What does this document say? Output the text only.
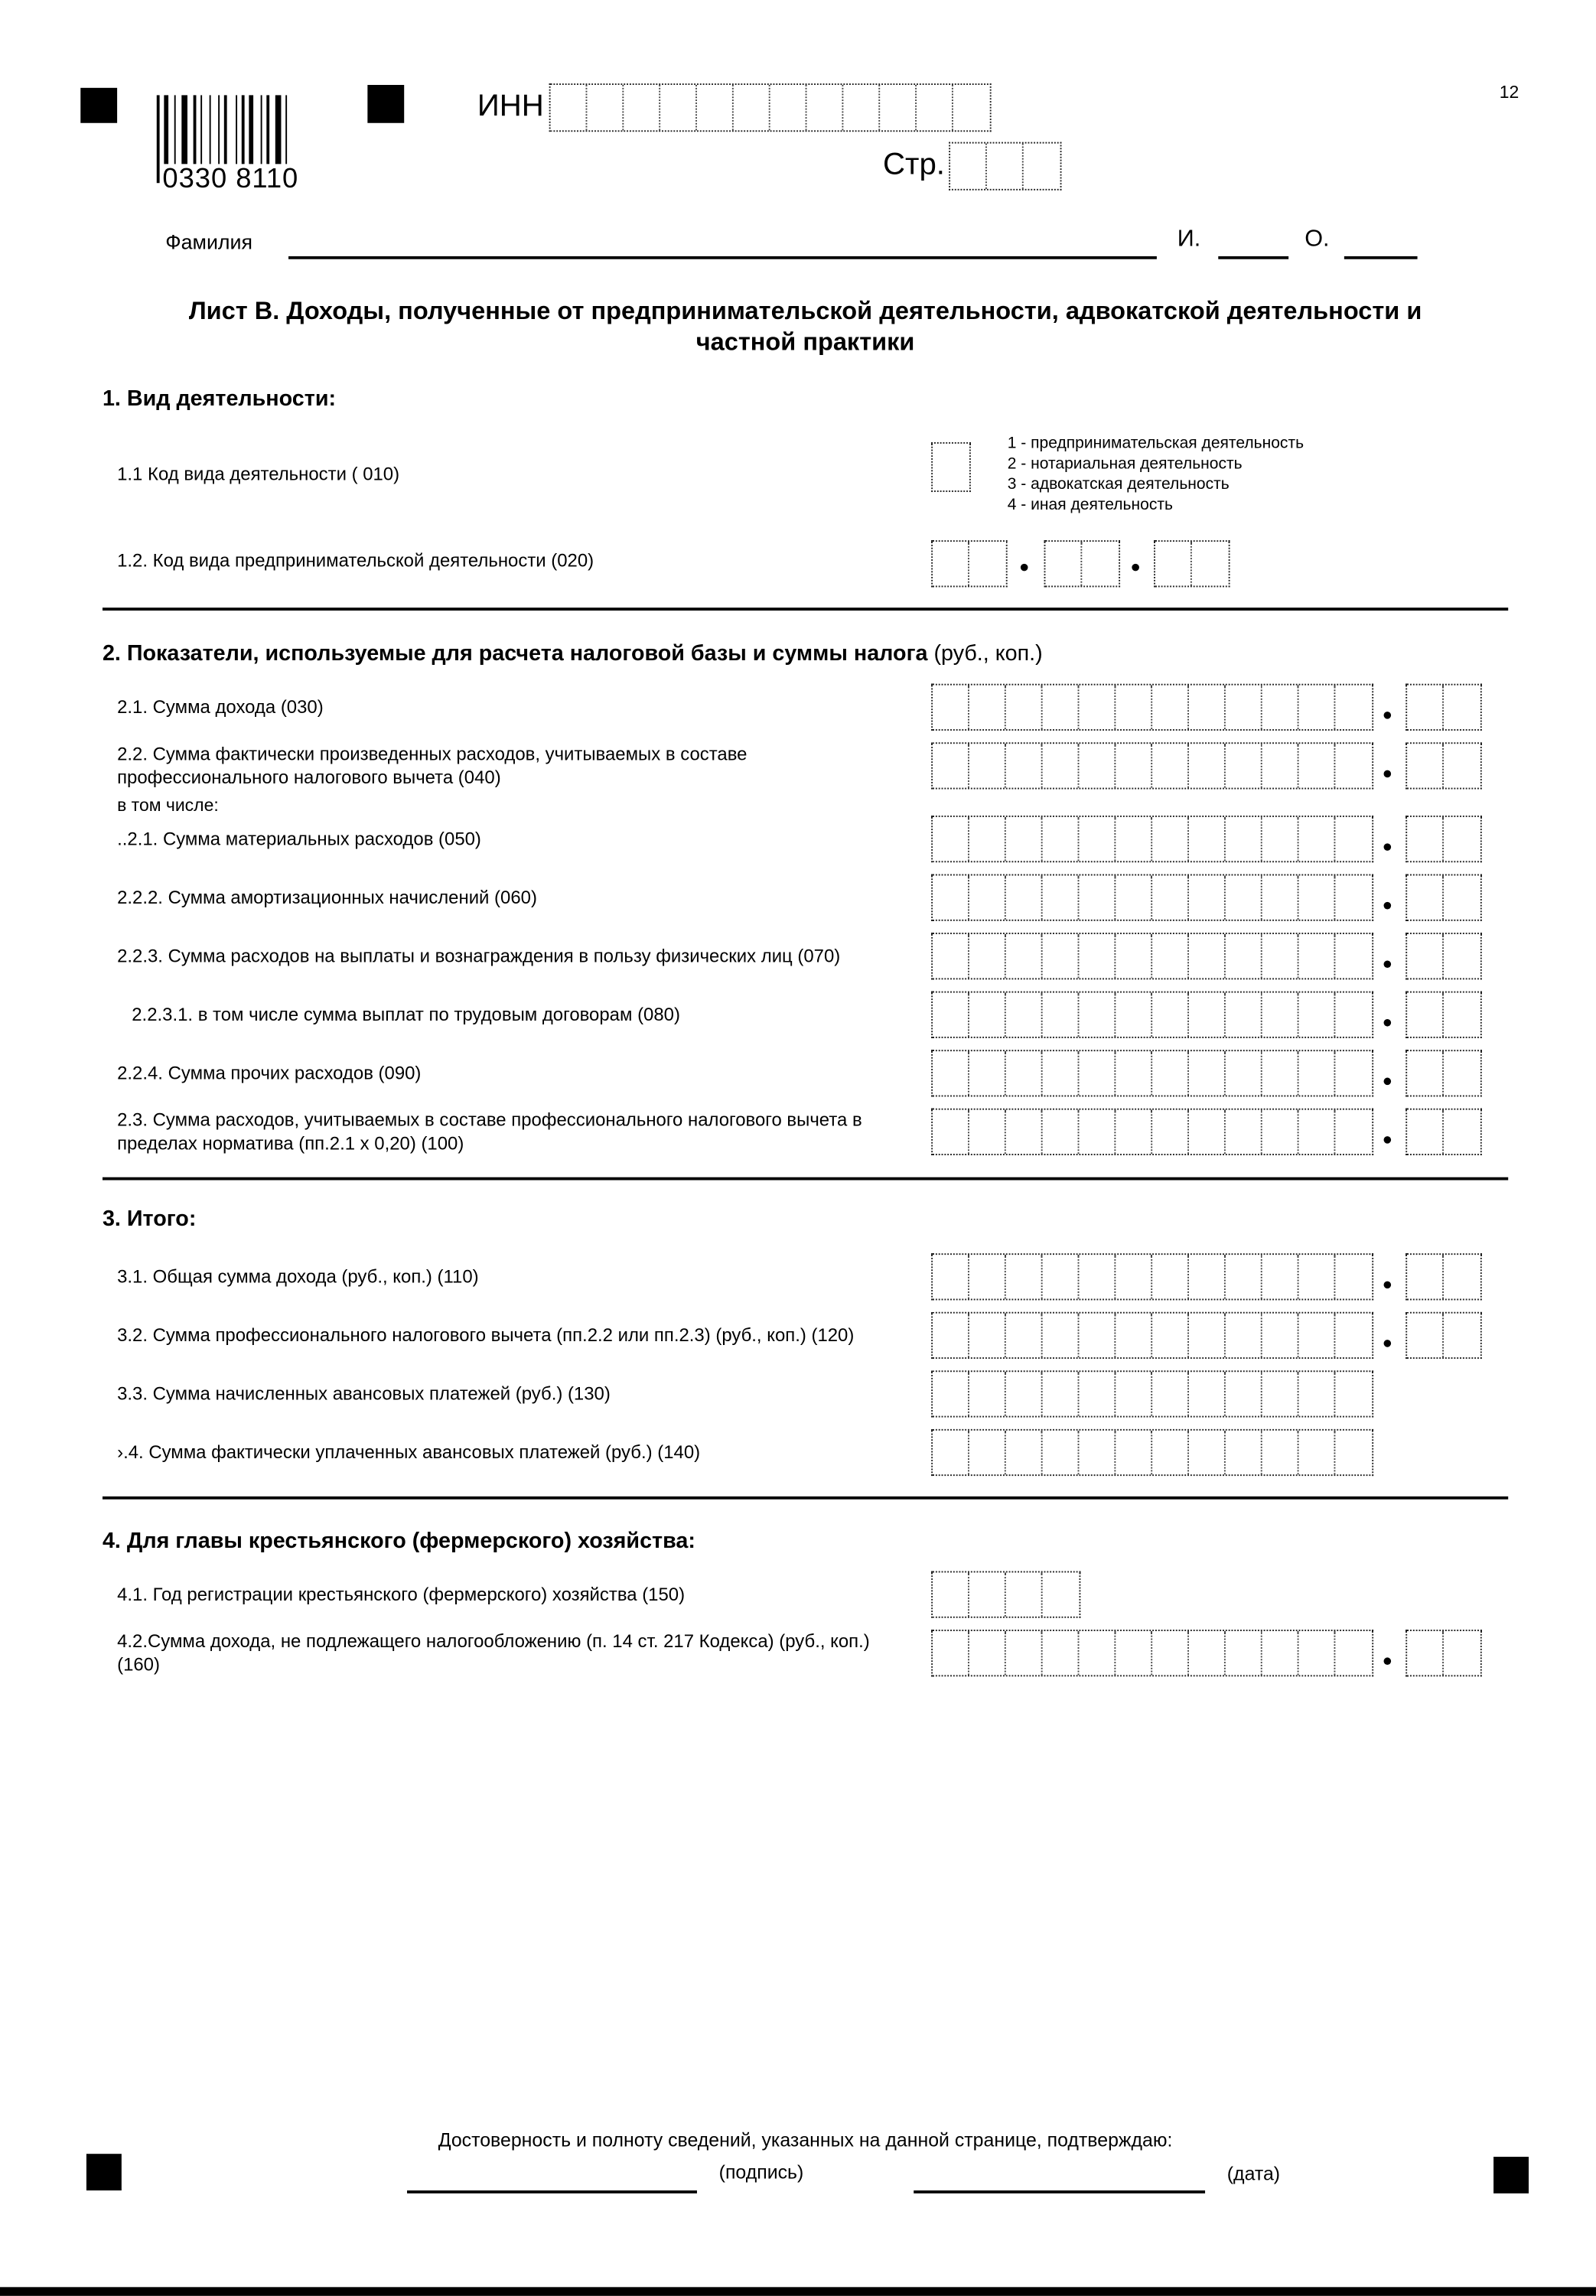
0330 8110
ИНН
Стр.
12
Фамилия	И.	О.
Лист В. Доходы, полученные от предпринимательской деятельности, адвокатской деятельности и
частной практики
1. Вид деятельности:
1.1 Код вида деятельности ( 010)
1 - предпринимательская деятельность
2 - нотариальная деятельность
3 - адвокатская деятельность
4 - иная деятельность
1.2. Код вида предпринимательской деятельности (020)
2. Показатели, используемые для расчета налоговой базы и суммы налога (руб., коп.)
в том числе:
3. Итого:
4. Для главы крестьянского (фермерского) хозяйства:
Достоверность и полноту сведений, указанных на данной странице, подтверждаю:
(подпись)	(дата)
2.1. Сумма дохода (030)
2.2. Сумма фактически произведенных расходов, учитываемых в составе
профессионального налогового вычета (040)
..2.1. Сумма материальных расходов (050)
2.2.2. Сумма амортизационных начислений (060)
2.2.3. Сумма расходов на выплаты и вознаграждения в пользу физических лиц (070)
2.2.3.1. в том числе сумма выплат по трудовым договорам (080)
2.2.4. Сумма прочих расходов (090)
2.3. Сумма расходов, учитываемых в составе профессионального налогового вычета в
пределах норматива (пп.2.1 х 0,20) (100)
3.1. Общая сумма дохода (руб., коп.) (110)
3.2. Сумма профессионального налогового вычета (пп.2.2 или пп.2.3) (руб., коп.) (120)
3.3. Сумма начисленных авансовых платежей (руб.) (130)
›.4. Сумма фактически уплаченных авансовых платежей (руб.) (140)
4.1. Год регистрации крестьянского (фермерского) хозяйства (150)
4.2.Сумма дохода, не подлежащего налогообложению (п. 14 ст. 217 Кодекса) (руб., коп.)
(160)
